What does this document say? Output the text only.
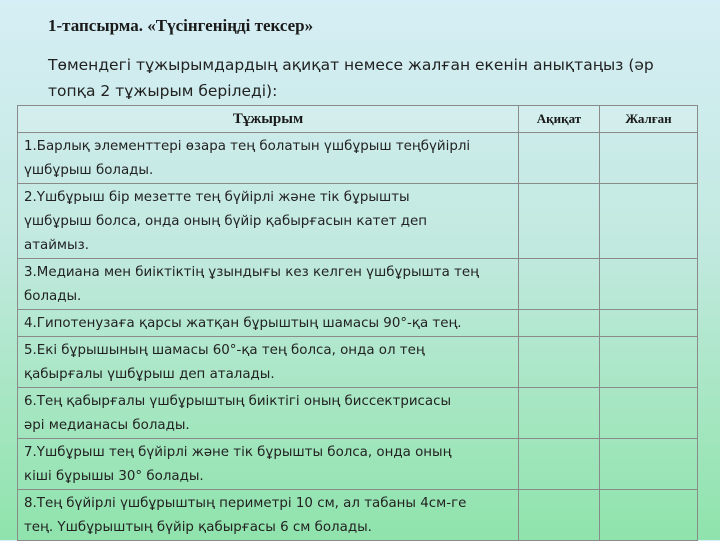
1-тапсырма. «Түсінгеніңді тексер»
Төмендегі тұжырымдардың ақиқат немесе жалған екенін анықтаңыз (әр топқа 2 тұжырым беріледі):
Тұжырым	Ақиқат	Жалған
1.Барлық элементтері өзара тең болатын үшбұрыш теңбүйірлі
үшбұрыш болады.		
2.Үшбұрыш бір мезетте тең бүйірлі және тік бұрышты
үшбұрыш болса, онда оның бүйір қабырғасын катет деп
атаймыз.		
3.Медиана мен биіктіктің ұзындығы кез келген үшбұрышта тең
болады.		
4.Гипотенузаға қарсы жатқан бұрыштың шамасы 90°-қа тең.		
5.Екі бұрышының шамасы 60°-қа тең болса, онда ол тең
қабырғалы үшбұрыш деп аталады.		
6.Тең қабырғалы үшбұрыштың биіктігі оның биссектрисасы
әрі медианасы болады.		
7.Үшбұрыш тең бүйірлі және тік бұрышты болса, онда оның
кіші бұрышы 30° болады.		
8.Тең бүйірлі үшбұрыштың периметрі 10 см, ал табаны 4см-ге
тең. Үшбұрыштың бүйір қабырғасы 6 см болады.		
